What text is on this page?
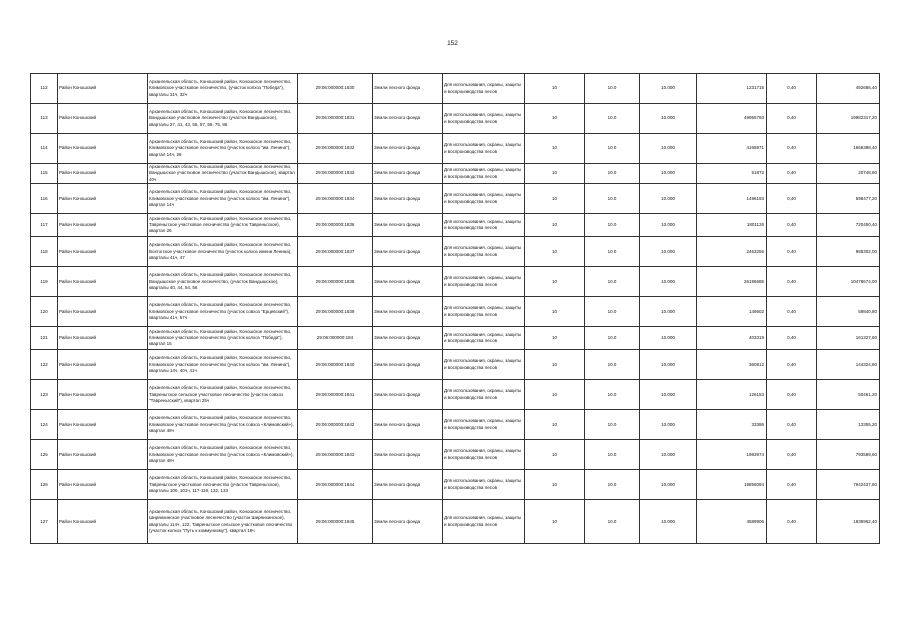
152
112	Район Коношский	Архангельская область, Коношский район, Коношское лесничество, Климовское участковое лесничество, (участок колхоз "Победа"), кварталы 31ч, 32ч	29:06:000000:1830	Земли лесного фонда	Для использования, охраны, защиты и воспроизводства лесов	10	10.0	10.000	1231715	0,40	492686,40
113	Район Коношский	Архангельская область, Коношский район, Коношское лесничество, Вандышское участковое лесничество (участок Вандышское), кварталы 27, 41, 43, 55, 57, 59, 75, 86	29:06:000000:1831	Земли лесного фонда	Для использования, охраны, защиты и воспроизводства лесов	10	10.0	10.000	49955793	0,40	19982317,20
114	Район Коношский	Архангельская область, Коношский район, Коношское лесничество, Климовское участковое лесничество (участок колхоз "им. Ленина"), квартал 14ч, 28	29:06:000000:1832	Земли лесного фонда	Для использования, охраны, защиты и воспроизводства лесов	10	10.0	10.000	4165971	0,40	1666388,40
115	Район Коношский	Архангельская область, Коношский район, Коношское лесничество, Вандышское участковое лесничество (участок Вандышское), квартал 40ч	29:06:000000:1833	Земли лесного фонда	Для использования, охраны, защиты и воспроизводства лесов	10	10.0	10.000	51872	0,40	20748,80
116	Район Коношский	Архангельская область, Коношский район, Коношское лесничество, Климовское участковое лесничество (участок колхоз "им. Ленина"), квартал 14ч	29:06:000000:1834	Земли лесного фонда	Для использования, охраны, защиты и воспроизводства лесов	10	10.0	10.000	1496193	0,40	598477,20
117	Район Коношский	Архангельская область, Коношский район, Коношское лесничество, Тавреньгское участковое лесничество (участок Тавреньгское), квартал 26	29:06:000000:1836	Земли лесного фонда	Для использования, охраны, защиты и воспроизводства лесов	10	10.0	10.000	1801126	0,40	720450,40
118	Район Коношский	Архангельская область, Коношский район, Коношское лесничество, Вохтогское участковое лесничество (участок колхоз имени Ленина), кварталы 41ч, 47	29:06:000000:1837	Земли лесного фонда	Для использования, охраны, защиты и воспроизводства лесов	10	10.0	10.000	2463255	0,40	985302,00
119	Район Коношский	Архангельская область, Коношский район, Коношское лесничество, Вандышское участковое лесничество, (участок Вандышское), кварталы 40, 44, 54, 56	29:06:000000:1838	Земли лесного фонда	Для использования, охраны, защиты и воспроизводства лесов	10	10.0	10.000	26196685	0,40	10478674,00
120	Район Коношский	Архангельская область, Коношский район, Коношское лесничество, Климовское участковое лесничество (участок совхоз "Ерцевский"), кварталы 41ч, 57ч	29:06:000000:1839	Земли лесного фонда	Для использования, охраны, защиты и воспроизводства лесов	10	10.0	10.000	149602	0,40	59840,80
121	Район Коношский	Архангельская область, Коношский район, Коношское лесничество, Климовское участковое лесничество (участок колхоз "Победа"), квартал 15	29:06:000000:184	Земли лесного фонда	Для использования, охраны, защиты и воспроизводства лесов	10	10.0	10.000	403319	0,40	161327,60
122	Район Коношский	Архангельская область, Коношский район, Коношское лесничество, Климовское участковое лесничество (участок колхоз "им. Ленина"), кварталы 14ч, 40ч, 41ч	29:06:000000:1840	Земли лесного фонда	Для использования, охраны, защиты и воспроизводства лесов	10	10.0	10.000	360812	0,40	144324,80
123	Район Коношский	Архангельская область, Коношский район, Коношское лесничество, Тавреньгское сельское участковое лесничество (участок совхоз "Тавреньгский"), квартал 25ч	29:06:000000:1841	Земли лесного фонда	Для использования, охраны, защиты и воспроизводства лесов	10	10.0	10.000	126153	0,40	50461,20
124	Район Коношский	Архангельская область, Коношский район, Коношское лесничество, Климовское участковое лесничество (участок совхоз «Климовский»), квартал 48ч	29:06:000000:1842	Земли лесного фонда	Для использования, охраны, защиты и воспроизводства лесов	10	10.0	10.000	33386	0,40	13355,20
125	Район Коношский	Архангельская область, Коношский район, Коношское лесничество, Климовское участковое лесничество (участок совхоз «Климовский»), квартал 48ч	29:06:000000:1843	Земли лесного фонда	Для использования, охраны, защиты и воспроизводства лесов	10	10.0	10.000	1983974	0,40	793589,60
126	Район Коношский	Архангельская область, Коношский район, Коношское лесничество, Тавреньгское участковое лесничество (участок Тавреньгское), кварталы 100, 101ч, 117-119, 132, 133	29:06:000000:1844	Земли лесного фонда	Для использования, охраны, защиты и воспроизводства лесов	10	10.0	10.000	19856094	0,40	7942437,60
127	Район Коношский	Архангельская область, Коношский район, Коношское лесничество, Ширяихинское участковое лесничество (участок Ширяихинское), кварталы 114ч, 122, Тавреньгское сельское участковое лесничество (участок колхоз "Путь к коммунизму"), квартал 18ч	29:06:000000:1845	Земли лесного фонда	Для использования, охраны, защиты и воспроизводства лесов	10	10.0	10.000	4589906	0,40	1835962,40
